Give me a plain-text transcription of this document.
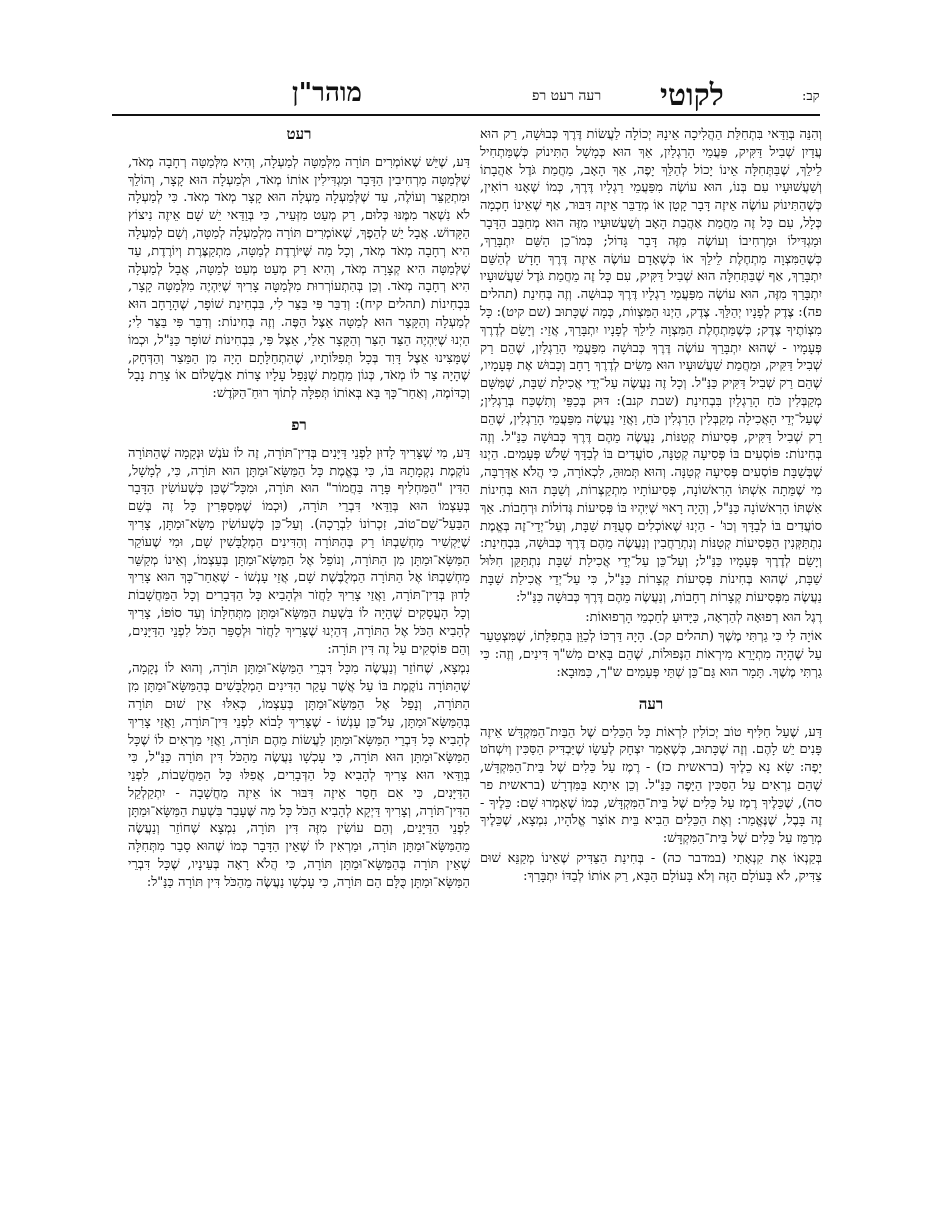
מוהר"ן	רעה רעט רפ לקוטי	קב:

וְהִנֵּה בְּוַדַּאי בִּתְחִלַּת הַהֲלִיכָה אֵינָהּ יְכוֹלָה לַעֲשׂוֹת דֶּרֶךְ כְּבוּשָׁה, רַק הוּא עֲדַיִן שְׁבִיל דַּקִּיק, פַּעֲמֵי הָרַגְלַיִן, אַךְ הוּא כְּמָשָׁל הַתִּינוֹק כְּשֶׁמַּתְחִיל לֵילֵךְ, שֶׁבַּתְּחִלָּה אֵינוֹ יָכוֹל לְהַלֵּךְ יָפֶה, אַךְ הָאָב, מֵחֲמַת גֹּדֶל אַהֲבָתוֹ וְשַׁעֲשׁוּעָיו עִם בְּנוֹ, הוּא עוֹשֶׂה מִפַּעֲמֵי רַגְלָיו דֶּרֶךְ, כְּמוֹ שֶׁאָנוּ רוֹאִין, כְּשֶׁהַתִּינוֹק עוֹשֶׂה אֵיזֶה דָּבָר קָטָן אוֹ מְדַבֵּר אֵיזֶה דִּבּוּר, אַף שֶׁאֵינוֹ חָכְמָה כְּלָל, עִם כָּל זֶה מֵחֲמַת אַהֲבַת הָאָב וְשַׁעֲשׁוּעָיו מִזֶּה הוּא מְחַבֵּב הַדָּבָר וּמַגְדִּילוֹ וּמַרְחִיבוֹ וְעוֹשֶׂה מִזֶּה דָּבָר גָּדוֹל; כְּמוֹ־כֵן הַשֵּׁם יִתְבָּרַךְ, כְּשֶׁהַמִּצְוָה מַתְחֶלֶת לֵילֵךְ אוֹ כְּשֶׁאָדָם עוֹשֶׂה אֵיזֶה דֶּרֶךְ חָדָשׁ לְהַשֵּׁם יִתְבָּרַךְ, אַף שֶׁבַּתְּחִלָּה הוּא שְׁבִיל דַּקִּיק, עִם כָּל זֶה מֵחֲמַת גֹּדֶל שַׁעֲשׁוּעָיו יִתְבָּרַךְ מִזֶּה, הוּא עוֹשֶׂה מִפַּעֲמֵי רַגְלָיו דֶּרֶךְ כְּבוּשָׁה. וְזֶה בְּחִינַת (תהלים פה): צֶדֶק לְפָנָיו יְהַלֵּךְ. צֶדֶק, הַיְנוּ הַמִּצְווֹת, כְּמָה שֶׁכָּתוּב (שם קיט): כָּל מִצְוֹתֶיךָ צֶדֶק; כְּשֶׁמַּתְחֶלֶת הַמִּצְוָה לֵילֵךְ לְפָנָיו יִתְבָּרַךְ, אֲזַי: וְיָשֵׂם לְדֶרֶךְ פְּעָמָיו - שֶׁהוּא יִתְבָּרַךְ עוֹשֶׂה דֶּרֶךְ כְּבוּשָׁה מִפַּעֲמֵי הָרַגְלַיִן, שֶׁהֵם רַק שְׁבִיל דַּקִּיק, וּמֵחֲמַת שַׁעֲשׁוּעָיו הוּא מֵשִׂים לְדֶרֶךְ רָחָב וְכָבוּשׁ אֶת פְּעָמָיו, שֶׁהֵם רַק שְׁבִיל דַּקִּיק כַּנַּ"ל. וְכָל זֶה נַעֲשֶׂה עַל־יְדֵי אֲכִילַת שַׁבָּת, שֶׁמִּשָּׁם מְקַבְּלִין כֹּחַ הָרַגְלַיִן בִּבְחִינַת (שבת קנב): דּוּק בְּכַפֵּי וְתִשְׁכַּח בְּרַגְלִין; שֶׁעַל־יְדֵי הָאֲכִילָה מְקַבְּלִין הָרַגְלִין כֹּחַ, וַאֲזַי נַעֲשֶׂה מִפַּעֲמֵי הָרַגְלִין, שֶׁהֵם רַק שְׁבִיל דַּקִּיק, פְּסִיעוֹת קְטַנּוֹת, נַעֲשֶׂה מֵהֶם דֶּרֶךְ כְּבוּשָׁה כַּנַּ"ל. וְזֶה בְּחִינוֹת: פּוֹסְעִים בּוֹ פְּסִיעָה קְטַנָּה, סוֹעֲדִים בּוֹ לְבַדָּךְ שָׁלֹשׁ פְּעָמִים. הַיְנוּ שֶׁבְּשַׁבָּת פּוֹסְעִים פְּסִיעָה קְטַנָּה. וְהוּא תְּמוּהַּ, לִכְאוֹרָה, כִּי הֲלֹא אַדְּרַבָּה, מִי שֶׁמֵּתָה אִשְׁתּוֹ הָרִאשׁוֹנָה, פְּסִיעוֹתָיו מִתְקַצְּרוֹת, וְשַׁבָּת הוּא בְּחִינוֹת אִשְׁתּוֹ הָרִאשׁוֹנָה כַּנַּ"ל, וְהָיָה רָאוּי שֶׁיִּהְיוּ בּוֹ פְּסִיעוֹת גְּדוֹלוֹת וּרְחָבוֹת. אַךְ סוֹעֲדִים בּוֹ לְבַדָּךְ וְכוּ' - הַיְנוּ שֶׁאוֹכְלִים סְעֻדַּת שַׁבָּת, וְעַל־יְדֵי־זֶה בְּאֱמֶת נִתְתַּקְּנִין הַפְּסִיעוֹת קְטַנּוֹת וְנִתְרַחֲבִין וְנַעֲשֶׂה מֵהֶם דֶּרֶךְ כְּבוּשָׁה, בִּבְחִינַת: וְיָשֵׂם לְדֶרֶךְ פְּעָמָיו כַּנַּ"ל; וְעַל־כֵּן עַל־יְדֵי אֲכִילַת שַׁבָּת נִתְתַּקֵּן חִלּוּל שַׁבָּת, שֶׁהוּא בְּחִינוֹת פְּסִיעוֹת קְצָרוֹת כַּנַּ"ל, כִּי עַל־יְדֵי אֲכִילַת שַׁבָּת נַעֲשֶׂה מִפְּסִיעוֹת קְצָרוֹת רְחָבוֹת, וְנַעֲשֶׂה מֵהֶם דֶּרֶךְ כְּבוּשָׁה כַּנַּ"ל:

רֶגֶל הוּא רְפוּאָה לְהַרְאָה, כַּיָּדוּעַ לְחַכְמֵי הָרְפוּאוֹת:

אוֹיָה לִי כִּי גַרְתִּי מֶשֶׁךְ (תהלים קכ). הָיָה דַּרְכּוֹ לְכַוֵּן בִּתְפִלָּתוֹ, שֶׁמִּצְטַעֵר עַל שֶׁהָיָה מִתְיָרֵא מִירְאוֹת הַנְּפוּלוֹת, שֶׁהֵם בָּאִים מִשׁ"ךְ דִּינִים, וְזֶה: כִּי גַרְתִּי מֶשֶׁךְ. תָּמָר הוּא גַּם־כֵּן שְׁתֵּי פְּעָמִים ש"ך, כַּמּוּבָא:

רעה

דַּע, שֶׁעַל חַלִּיף טוֹב יְכוֹלִין לִרְאוֹת כָּל הַכֵּלִים שֶׁל הַבַּיִת־הַמִּקְדָּשׁ אֵיזֶה פָּנִים יֵשׁ לָהֶם. וְזֶה שֶׁכָּתוּב, כְּשֶׁאָמַר יִצְחָק לְעֵשָׂו שֶׁיַּבְדִּיק הַסַּכִּין וְיִשְׁחֹט יָפֶה: שָׂא נָא כֵלֶיךָ (בראשית כז) - רֶמֶז עַל כֵּלִים שֶׁל בֵּית־הַמִּקְדָּשׁ, שֶׁהֵם נִרְאִים עַל הַסַּכִּין הַיָּפֶה כַּנַּ"ל. וְכֵן אִיתָא בַּמִּדְרָשׁ (בראשית פר סה), שֶׁכֵּלֶיךָ רֶמֶז עַל כֵּלִים שֶׁל בֵּית־הַמִּקְדָּשׁ, כְּמוֹ שֶׁאָמְרוּ שָׁם: כֵּלֶיךָ - זֶה בָּבֶל, שֶׁנֶּאֱמַר: וְאֶת הַכֵּלִים הֵבִיא בֵּית אוֹצַר אֱלֹהָיו, נִמְצָא, שֶׁכֵּלֶיךָ מְרַמֵּז עַל כֵּלִים שֶׁל בֵּית־הַמִּקְדָּשׁ:

בְּקַנְאוֹ אֶת קִנְאָתִי (במדבר כה) - בְּחִינַת הַצַּדִּיק שֶׁאֵינוֹ מְקַנֵּא שׁוּם צַדִּיק, לֹא בָּעוֹלָם הַזֶּה וְלֹא בָּעוֹלָם הַבָּא, רַק אוֹתוֹ לְבַדּוֹ יִתְבָּרַךְ:

רעט

דַּע, שֶׁיֵּשׁ שֶׁאוֹמְרִים תּוֹרָה מִלְּמַטָּה לְמַעְלָה, וְהִיא מִלְּמַטָּה רְחָבָה מְאֹד, שֶׁלְּמַטָּה מַרְחִיבִין הַדָּבָר וּמַגְדִּילִין אוֹתוֹ מְאֹד, וּלְמַעְלָה הוּא קָצָר, וְהוֹלֵךְ וּמִתְקַצֵּר וְעוֹלֶה, עַד שֶׁלְּמַעְלָה מַעְלָה הוּא קָצָר מְאֹד מְאֹד. כִּי לְמַעְלָה לֹא נִשְׁאַר מִמֶּנּוּ כְּלוּם, רַק מְעַט מִזְּעֵיר, כִּי בְּוַדַּאי יֵשׁ שָׁם אֵיזֶה נִיצוֹץ הַקָּדוֹשׁ. אֲבָל יֵשׁ לְהֵפֶךְ, שֶׁאוֹמְרִים תּוֹרָה מִלְמַעְלָה לְמַטָּה, וְשָׁם לְמַעְלָה הִיא רְחָבָה מְאֹד מְאֹד, וְכָל מַה שֶּׁיּוֹרֶדֶת לְמַטָּה, מִתְקַצֶּרֶת וְיוֹרֶדֶת, עַד שֶׁלְּמַטָּה הִיא קְצָרָה מְאֹד, וְהִיא רַק מְעַט מְעַט לְמַטָּה, אֲבָל לְמַעְלָה הִיא רְחָבָה מְאֹד. וְכֵן בְּהִתְעוֹרְרוּת מִלְּמַטָּה צָרִיךְ שֶׁיִּהְיֶה מִלְּמַטָּה קָצָר, בִּבְחִינוֹת (תהלים קיח): וְדִבֵּר פִּי בַּצַּר לִי, בִּבְחִינַת שׁוֹפָר, שֶׁהָרָחָב הוּא לְמַעְלָה וְהַקָּצָר הוּא לְמַטָּה אֵצֶל הַפֶּה. וְזֶה בְּחִינוֹת: וְדִבֵּר פִּי בַּצַּר לִי; הַיְנוּ שֶׁיִּהְיֶה הַצַּד הַצַּר וְהַקָּצָר אֵלַי, אֵצֶל פִּי, בִּבְחִינוֹת שׁוֹפָר כַּנַּ"ל, וּכְמוֹ שֶׁמָּצִינוּ אֵצֶל דָּוִד בְּכָל תְּפִלּוֹתָיו, שֶׁהִתְחַלָּתָם הָיָה מִן הַמֵּצַר וְהַדְּחָק, שֶׁהָיָה צַר לוֹ מְאֹד, כְּגוֹן מֵחֲמַת שֶׁנָּפַל עָלָיו צָרוֹת אַבְשָׁלוֹם אוֹ צָרַת נָבָל וְכַדּוֹמֶה, וְאַחַר־כָּךְ בָּא בְּאוֹתוֹ תְּפִלָּה לְתוֹךְ רוּחַ־הַקֹּדֶשׁ:

רפ

דַּע, מִי שֶׁצָּרִיךְ לָדוּן לִפְנֵי דַּיָּנִים בְּדִין־תּוֹרָה, זֶה לוֹ עֹנֶשׁ וּנְקָמָה שֶׁהַתּוֹרָה נוֹקֶמֶת נִקְמָתָהּ בּוֹ, כִּי בֶּאֱמֶת כָּל הַמַּשָּׂא־וּמַתָּן הוּא תּוֹרָה, כִּי, לְמָשָׁל, הַדִּין "הַמַּחְלִיף פָּרָה בַּחֲמוֹר" הוּא תּוֹרָה, וּמִכָּל־שֶׁכֵּן כְּשֶׁעוֹשִׂין הַדָּבָר בְּעַצְמוֹ הוּא בְּוַדַּאי דִּבְרֵי תּוֹרָה, (וּכְמוֹ שֶׁמְּסַפְּרִין כָּל זֶה בְּשֵׁם הַבַּעַל־שֵׁם־טוֹב, זִכְרוֹנוֹ לִבְרָכָה). וְעַל־כֵּן כְּשֶׁעוֹשִׂין מַשָּׂא־וּמַתָּן, צָרִיךְ שֶׁיַּקְשִׁיר מַחְשַׁבְתּוֹ רַק בְּהַתּוֹרָה וְהַדִּינִים הַמְלֻבָּשִׁין שָׁם, וּמִי שֶׁעוֹקֵר הַמַּשָּׂא־וּמַתָּן מִן הַתּוֹרָה, וְנוֹפֵל אֶל הַמַּשָּׂא־וּמַתָּן בְּעַצְמוֹ, וְאֵינוֹ מְקַשֵּׁר מַחְשַׁבְתּוֹ אֶל הַתּוֹרָה הַמְלֻבֶּשֶׁת שָׁם, אֲזַי עָנְשׁוֹ - שֶׁאַחַר־כָּךְ הוּא צָרִיךְ לָדוּן בְּדִין־תּוֹרָה, וַאֲזַי צָרִיךְ לַחֲזֹר וּלְהָבִיא כָּל הַדְּבָרִים וְכָל הַמַּחֲשָׁבוֹת וְכָל הָעֲסָקִים שֶׁהָיָה לוֹ בִּשְׁעַת הַמַּשָּׂא־וּמַתָּן מִתְּחִלָּתוֹ וְעַד סוֹפוֹ, צָרִיךְ לְהָבִיא הַכֹּל אֶל הַתּוֹרָה, דְּהַיְנוּ שֶׁצָּרִיךְ לַחֲזֹר וּלְסַפֵּר הַכֹּל לִפְנֵי הַדַּיָּנִים, וְהֵם פּוֹסְקִים עַל זֶה דִּין תּוֹרָה:

נִמְצָא, שֶׁחוֹזֵר וְנַעֲשֶׂה מִכָּל דִּבְרֵי הַמַּשָּׂא־וּמַתָּן תּוֹרָה, וְהוּא לוֹ נְקָמָה, שֶׁהַתּוֹרָה נוֹקֶמֶת בּוֹ עַל אֲשֶׁר עָקַר הַדִּינִים הַמְלֻבָּשִׁים בְּהַמַּשָּׂא־וּמַתָּן מִן הַתּוֹרָה, וְנָפַל אֶל הַמַּשָּׂא־וּמַתָּן בְּעַצְמוֹ, כְּאִלּוּ אֵין שׁוּם תּוֹרָה בְּהַמַּשָּׂא־וּמַתָּן, עַל־כֵּן עָנְשׁוֹ - שֶׁצָּרִיךְ לָבוֹא לִפְנֵי דִּין־תּוֹרָה, וַאֲזַי צָרִיךְ לְהָבִיא כָּל דִּבְרֵי הַמַּשָּׂא־וּמַתָּן לַעֲשׂוֹת מֵהֶם תּוֹרָה, וַאֲזַי מַרְאִים לוֹ שֶׁכָּל הַמַּשָּׂא־וּמַתָּן הוּא תּוֹרָה, כִּי עָכְשָׁו נַעֲשֶׂה מֵהַכֹּל דִּין תּוֹרָה כַּנַּ"ל, כִּי בְּוַדַּאי הוּא צָרִיךְ לְהָבִיא כָּל הַדְּבָרִים, אֲפִלּוּ כָּל הַמַּחֲשָׁבוֹת, לִפְנֵי הַדַּיָּנִים, כִּי אִם חָסֵר אֵיזֶה דִּבּוּר אוֹ אֵיזֶה מַחֲשָׁבָה - יִתְקַלְקֵל הַדִּין־תּוֹרָה, וְצָרִיךְ דַּיְקָא לְהָבִיא הַכֹּל כָּל מַה שֶּׁעָבַר בִּשְׁעַת הַמַּשָּׂא־וּמַתָּן לִפְנֵי הַדַּיָּנִים, וְהֵם עוֹשִׂין מִזֶּה דִּין תּוֹרָה, נִמְצָא שֶׁחוֹזֵר וְנַעֲשֶׂה מֵהַמַּשָּׂא־וּמַתָּן תּוֹרָה, וּמַרְאִין לוֹ שֶׁאֵין הַדָּבָר כְּמוֹ שֶׁהוּא סָבַר מִתְּחִלָּה שֶׁאֵין תּוֹרָה בְּהַמַּשָּׂא־וּמַתָּן תּוֹרָה, כִּי הֲלֹא רָאָה בְּעֵינָיו, שֶׁכָּל דִּבְרֵי הַמַּשָּׂא־וּמַתָּן כֻּלָּם הֵם תּוֹרָה, כִּי עָכְשָׁו נַעֲשֶׂה מֵהַכֹּל דִּין תּוֹרָה כַּנַּ"ל:
